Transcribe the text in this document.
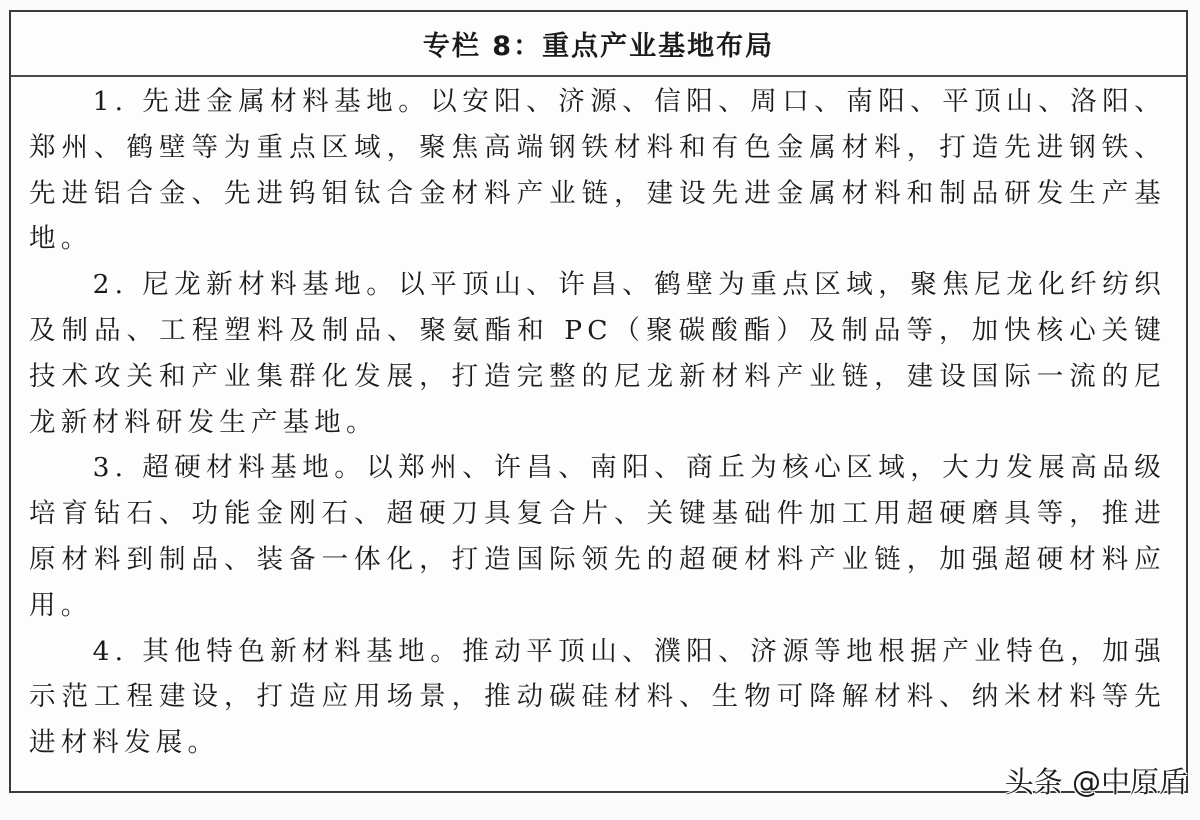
专栏 8：重点产业基地布局

1. 先进金属材料基地。以安阳、济源、信阳、周口、南阳、平顶山、洛阳、郑州、鹤壁等为重点区域，聚焦高端钢铁材料和有色金属材料，打造先进钢铁、先进铝合金、先进钨钼钛合金材料产业链，建设先进金属材料和制品研发生产基地。

2. 尼龙新材料基地。以平顶山、许昌、鹤壁为重点区域，聚焦尼龙化纤纺织及制品、工程塑料及制品、聚氨酯和 PC（聚碳酸酯）及制品等，加快核心关键技术攻关和产业集群化发展，打造完整的尼龙新材料产业链，建设国际一流的尼龙新材料研发生产基地。

3. 超硬材料基地。以郑州、许昌、南阳、商丘为核心区域，大力发展高品级培育钻石、功能金刚石、超硬刀具复合片、关键基础件加工用超硬磨具等，推进原材料到制品、装备一体化，打造国际领先的超硬材料产业链，加强超硬材料应用。

4. 其他特色新材料基地。推动平顶山、濮阳、济源等地根据产业特色，加强示范工程建设，打造应用场景，推动碳硅材料、生物可降解材料、纳米材料等先进材料发展。

头条 @中原盾
